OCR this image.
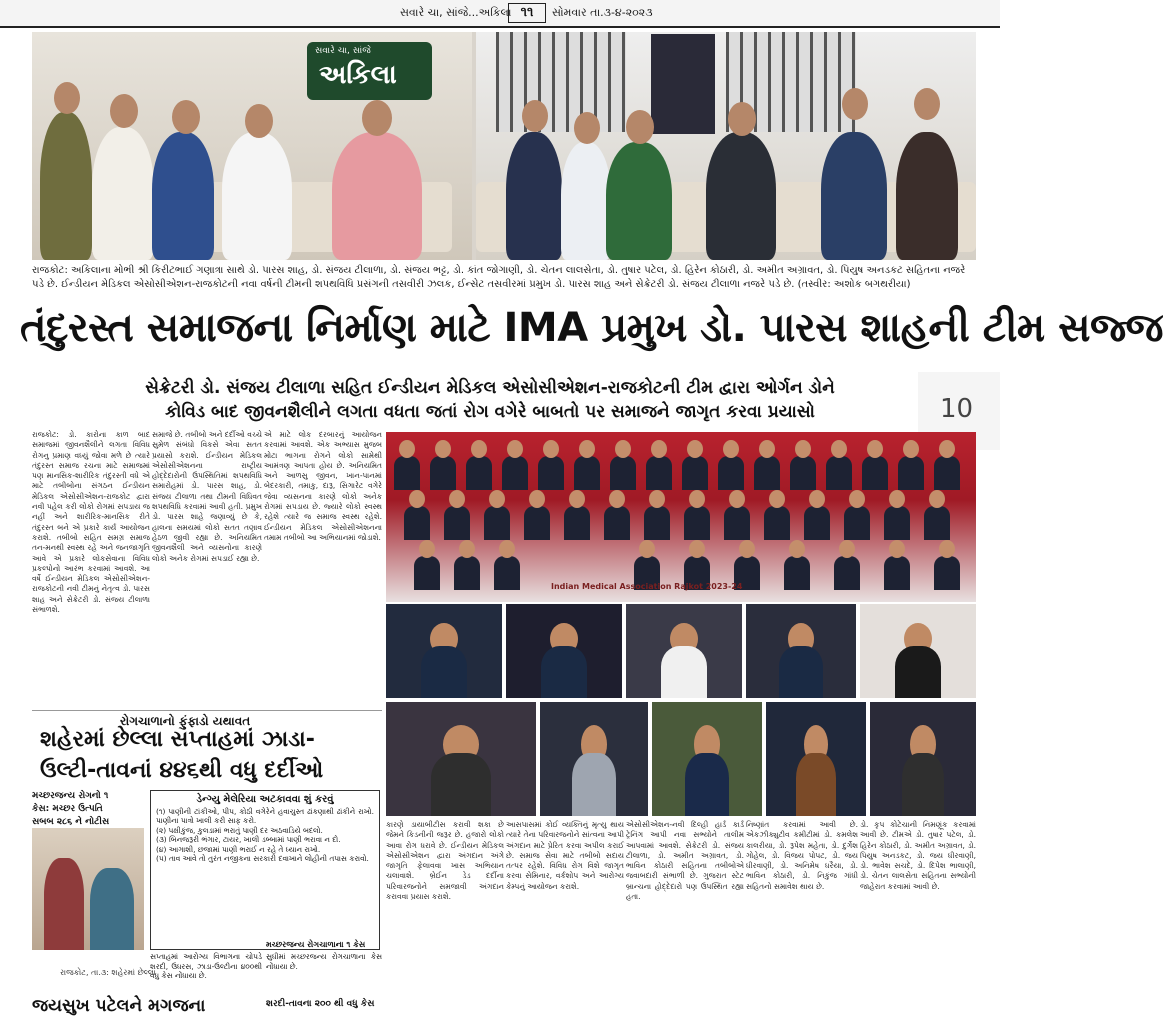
સવારે ચા, સાંજે...અકિલા ૧૧	સોમવાર તા.૩-૪-૨૦૨૩
સવારે ચા, સાંજે
અકિલા
રાજકોટ: અકિલાના મોભી શ્રી કિરીટભાઈ ગણાત્રા સાથે ડો. પારસ શાહ, ડો. સંજય ટીલાળા, ડો. સંજય ભટ્ટ, ડો. કાંત જોગાણી, ડો. ચેતન લાલસેતા, ડો. તુષાર પટેલ, ડો. હિરેન કોઠારી, ડો. અમીત અગ્રાવત, ડો. પિયુષ અનડકટ સહિતના નજરે પડે છે. ઈન્ડીયન મેડિકલ એસોસીએશન-રાજકોટની નવા વર્ષની ટીમની શપથવિધિ પ્રસંગની તસવીરી ઝલક, ઈન્સેટ તસવીરમાં પ્રમુખ ડો. પારસ શાહ અને સેક્રેટરી ડો. સંજય ટીલાળા નજરે પડે છે. (તસ્વીર: અશોક બગથરીયા)
તંદુરસ્ત સમાજના નિર્માણ માટે IMA પ્રમુખ ડો. પારસ શાહની ટીમ સજ્જ
સેક્રેટરી ડો. સંજય ટીલાળા સહિત ઈન્ડીયન મેડિકલ એસોસીએશન-રાજકોટની ટીમ દ્વારા ઓર્ગન ડોને
કોવિડ બાદ જીવનશૈલીને લગતા વધતા જતાં રોગ વગેરે બાબતો પર સમાજને જાગૃત કરવા પ્રયાસો	10
રાજકોટ: ડો. કારોના કાળ બાદ સમાજમાં જીવનશૈલીને લગતા વિવિધ રોગનુ પ્રમાણ વધ્યું જોવા મળે છે ત્યારે તંદુરસ્ત સમાજ રચના માટે સમાજમાં પણ માનસિક-શારીરિક તંદુરસ્તી વધે એ માટે તબીબોના સંગઠન ઈન્ડીયન મેડિકલ એસોસીએશન-રાજકોટ દ્વારા નવી પહેલ કરી લોકો રોગમાં સપડાય જ નહીં અને શારીરિક-માનસિક રીતે તંદુરસ્ત બને એ પ્રકારે કાર્ય આયોજન કરાશે. તબીબો સહિત સમગ્ર સમાજ તન-મનથી સ્વસ્થ રહે અને જનજાગૃતિ આવે એ પ્રકારે લોકસેવાના વિવિધ પ્રકલ્પોનો આરંભ કરવામાં આવશે. આ વર્ષે ઈન્ડીયન મેડિકલ એસોસીએશન-રાજકોટની નવી ટીમનું નેતૃત્વ ડો. પારસ શાહ અને સેક્રેટરી ડો. સંજય ટીલાળા સંભાળશે.
સમાજે છે. તબીબો અને દર્દીઓ વચ્ચે સુમેળ સંબંધો વિકસે એવા સતત પ્રયાસો કરાશે. ઈન્ડીયન મેડિકલ એસોસીએશનના રાષ્ટ્રીય હોદ્દેદારોની ઉપસ્થિતિમાં શપથવિધિ સમારોહમાં ડો. પારસ શાહ, ડો. સંજય ટીલાળા તથા ટીમની વિધિવત શપથવિધિ કરવામાં આવી હતી. પ્રમુખ ડો. પારસ શાહે જણાવ્યું છે કે, હાલના સમયમાં લોકો સતત તણાવ હેઠળ જીવી રહ્યા છે. અનિયમિત જીવનશૈલી અને વ્યસનોના કારણે લોકો અનેક રોગમાં સપડાઈ રહ્યા છે.
એ માટે લોક દરબારનું આયોજન કરવામાં આવશે. એક અભ્યાસ મુજબ મોટા ભાગના રોગને લોકો સામેથી આમંત્રણ આપતા હોય છે. અનિયમિત અને આળસુ જીવન, ખાન-પાનમાં બેદરકારી, તમાકુ, દારૂ, સિગારેટ વગેરે જેવા વ્યસનના કારણે લોકો અનેક રોગમાં સપડાય છે. જ્યારે લોકો સ્વસ્થ રહેશે ત્યારે જ સમાજ સ્વસ્થ રહેશે. ઈન્ડીયન મેડિકલ એસોસીએશનના તમામ તબીબો આ અભિયાનમાં જોડાશે.
Indian Medical Association Rajkot 2023-24
રોગચાળાનો ફુંફાડો યથાવત
શહેરમાં છેલ્લા સપ્તાહમાં ઝાડા-
ઉલ્ટી-તાવનાં ૪૪૬થી વધુ દર્દીઓ
મચ્છરજન્ય રોગનો ૧
કેસ: મચ્છર ઉત્પતિ
સબબ ૨૮૬ ને નોટીસ
ડેન્ગ્યુ મેલેરિયા અટકાવવા શું કરવું
(૧) પાણીની ટાંકીઓ, પીપ, કોઠી વગેરેને હવાચુસ્ત ઢાંકણાથી ઢાંકીને રાખો. પાણીના પાત્રો ખાલી કરી સાફ કરો.
(૨) પક્ષીકુંજ, કુલડામાં ભરાતું પાણી દર અઠવાડિયે બદલો.
(૩) બિનજરૂરી ભંગાર, ટાયર, ખાલી ડબ્બામાં પાણી ભરાવા ન દો.
(૪) આગાશી, છજામાં પાણી ભરાઈ ન રહે તે ધ્યાન રાખો.
(૫) તાવ આવે તો તુરંત નજીકના સરકારી દવાખાને લોહીની તપાસ કરાવો.
રાજકોટ, તા.૩: શહેરમાં છેલ્લા
સપ્તાહમાં આરોગ્ય વિભાગના ચોપડે શરદી, ઉધરસ, ઝાડા-ઉલ્ટીના ૪૦૦થી વધુ કેસ નોંધાયા છે.
મચ્છરજન્ય રોગચાળાના ૧ કેસ
સુધીમાં મચ્છરજન્ય રોગચાળાના કેસ નોંધાયા છે.
શરદી-તાવના ૨૦૦ થી વધુ કેસ
જયસુખ પટેલને મગજના
કારણે ડાયાબીટીસ કરાવી શકા છે જેમને કિડનીની જરૂર છે. હજારો લોકો આવા રોગ ધરાવે છે. ઈન્ડીયન મેડિકલ એસોસીએશન દ્વારા અંગદાન અંગે જાગૃતિ ફેલાવવા ખાસ અભિયાન ચલાવાશે. બ્રેઈન ડેડ દર્દીના પરિવારજનોને સમજાવી અંગદાન કરાવવા પ્રયાસ કરાશે.
આસપાસમાં કોઈ વ્યક્તિનું મૃત્યુ થાય ત્યારે તેના પરિવારજનોને સાંત્વના આપી અંગદાન માટે પ્રેરિત કરવા અપીલ કરાઈ છે. સમાજ સેવા માટે તબીબો સદાય તત્પર રહેશે. વિવિધ રોગ વિશે જાગૃત કરવા સેમિનાર, વર્કશોપ અને આરોગ્ય કેમ્પનું આયોજન કરાશે.
એસોસીએશન-નવી દિલ્હી હાર્ડ કાર્ડ ટ્રેનિંગ આપી નવા સભ્યોને તાલીમ આપવામાં આવશે. સેક્રેટરી ડો. સંજય ટીલાળા, ડો. અમીત અગ્રાવત, ડો. ભાવિન કોઠારી સહિતના તબીબોએ જવાબદારી સંભાળી છે. ગુજરાત સ્ટેટ બ્રાન્ચના હોદ્દેદારો પણ ઉપસ્થિત રહ્યા હતા.
નિષ્ણાંત કરવામાં આવી છે. એકઝીક્યુટીવ કમીટીમાં ડો. કમલેશ કાલરીયા, ડો. રૂપેશ મહેતા, ડો. દુર્ગેશ ગોહેલ, ડો. વિજય પોપટ, ડો. જય ધીરવાણી, ડો. અનિમેષ ધરૈયા, ડો. ભાવિન કોઠારી, ડો. નિકુંજ ગાંધી સહિતનો સમાવેશ થાય છે.
ડો. કૃપ કોટેચાની નિમણૂંક કરવામાં આવી છે. ટીમએ ડો. તુષાર પટેલ, ડો. હિરેન કોઠારી, ડો. અમીત અગ્રાવત, ડો. પિયુષ અનડકટ, ડો. જય ધીરવાણી, ડો. ભાવેશ સચદે, ડો. દિપેશ ભાલાણી, ડો. ચેતન લાલસેતા સહિતના સભ્યોની જાહેરાત કરવામાં આવી છે.
